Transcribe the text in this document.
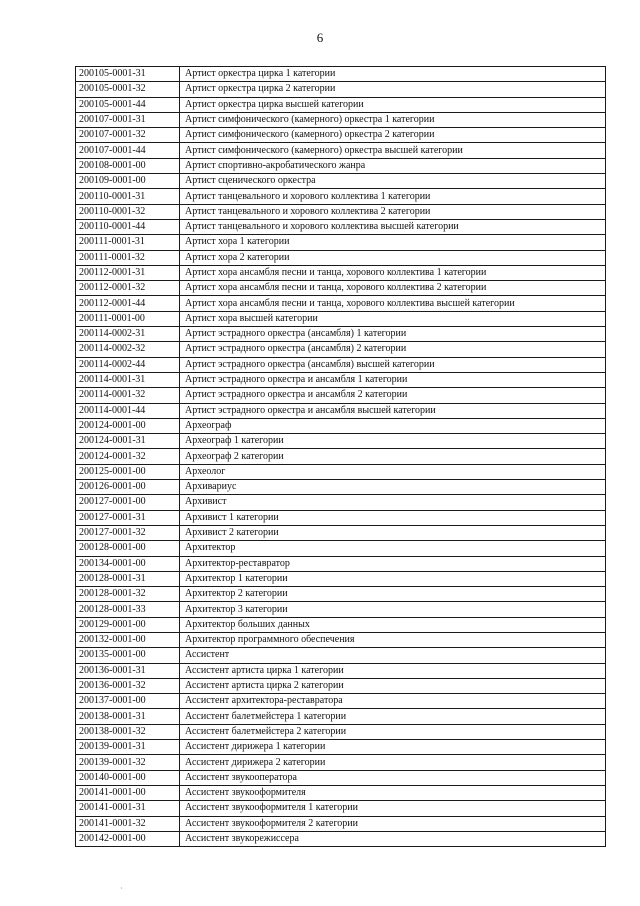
6
200105-0001-31	Артист оркестра цирка 1 категории
200105-0001-32	Артист оркестра цирка 2 категории
200105-0001-44	Артист оркестра цирка высшей категории
200107-0001-31	Артист симфонического (камерного) оркестра 1 категории
200107-0001-32	Артист симфонического (камерного) оркестра 2 категории
200107-0001-44	Артист симфонического (камерного) оркестра высшей категории
200108-0001-00	Артист спортивно-акробатического жанра
200109-0001-00	Артист сценического оркестра
200110-0001-31	Артист танцевального и хорового коллектива 1 категории
200110-0001-32	Артист танцевального и хорового коллектива 2 категории
200110-0001-44	Артист танцевального и хорового коллектива высшей категории
200111-0001-31	Артист хора 1 категории
200111-0001-32	Артист хора 2 категории
200112-0001-31	Артист хора ансамбля песни и танца, хорового коллектива 1 категории
200112-0001-32	Артист хора ансамбля песни и танца, хорового коллектива 2 категории
200112-0001-44	Артист хора ансамбля песни и танца, хорового коллектива высшей категории
200111-0001-00	Артист хора высшей категории
200114-0002-31	Артист эстрадного оркестра (ансамбля) 1 категории
200114-0002-32	Артист эстрадного оркестра (ансамбля) 2 категории
200114-0002-44	Артист эстрадного оркестра (ансамбля) высшей категории
200114-0001-31	Артист эстрадного оркестра и ансамбля 1 категории
200114-0001-32	Артист эстрадного оркестра и ансамбля 2 категории
200114-0001-44	Артист эстрадного оркестра и ансамбля высшей категории
200124-0001-00	Археограф
200124-0001-31	Археограф 1 категории
200124-0001-32	Археограф 2 категории
200125-0001-00	Археолог
200126-0001-00	Архивариус
200127-0001-00	Архивист
200127-0001-31	Архивист 1 категории
200127-0001-32	Архивист 2 категории
200128-0001-00	Архитектор
200134-0001-00	Архитектор-реставратор
200128-0001-31	Архитектор 1 категории
200128-0001-32	Архитектор 2 категории
200128-0001-33	Архитектор 3 категории
200129-0001-00	Архитектор больших данных
200132-0001-00	Архитектор программного обеспечения
200135-0001-00	Ассистент
200136-0001-31	Ассистент артиста цирка 1 категории
200136-0001-32	Ассистент артиста цирка 2 категории
200137-0001-00	Ассистент архитектора-реставратора
200138-0001-31	Ассистент балетмейстера 1 категории
200138-0001-32	Ассистент балетмейстера 2 категории
200139-0001-31	Ассистент дирижера 1 категории
200139-0001-32	Ассистент дирижера 2 категории
200140-0001-00	Ассистент звукооператора
200141-0001-00	Ассистент звукооформителя
200141-0001-31	Ассистент звукооформителя 1 категории
200141-0001-32	Ассистент звукооформителя 2 категории
200142-0001-00	Ассистент звукорежиссера
·
